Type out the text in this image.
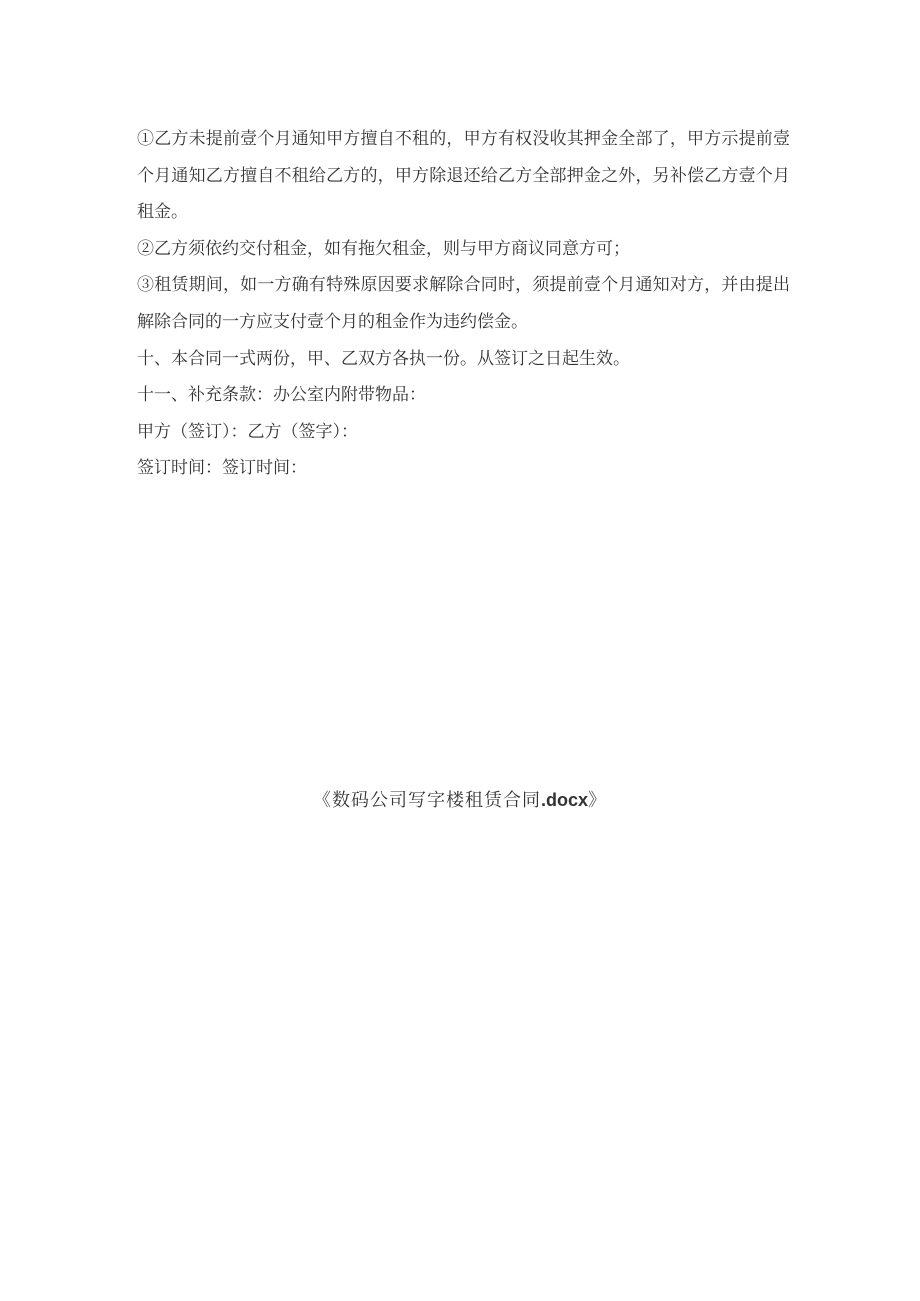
①乙方未提前壹个月通知甲方擅自不租的，甲方有权没收其押金全部了，甲方示提前壹个月通知乙方擅自不租给乙方的，甲方除退还给乙方全部押金之外，另补偿乙方壹个月租金。

②乙方须依约交付租金，如有拖欠租金，则与甲方商议同意方可；

③租赁期间，如一方确有特殊原因要求解除合同时，须提前壹个月通知对方，并由提出解除合同的一方应支付壹个月的租金作为违约偿金。

十、本合同一式两份，甲、乙双方各执一份。从签订之日起生效。

十一、补充条款：办公室内附带物品：

甲方（签订）：乙方（签字）：

签订时间：签订时间：

《数码公司写字楼租赁合同.docx》
